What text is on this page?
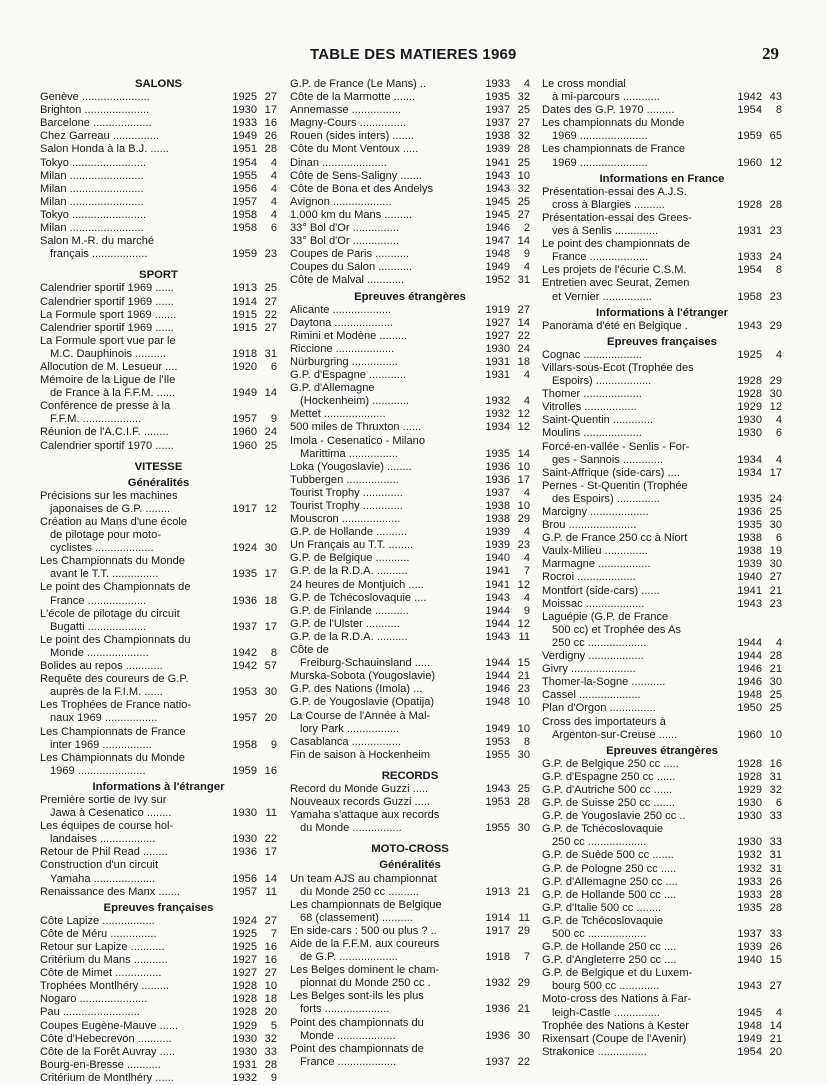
TABLE DES MATIERES 1969	29
SALONS
Genève ......................	1925 27
Brighton .....................	1930 17
Barcelone ...................	1933 16
Chez Garreau ...............	1949 26
Salon Honda à la B.J. ......	1951 28
Tokyo ........................	1954	4
Milan ........................	1955	4
Milan ........................	1956	4
Milan ........................	1957	4
Tokyo ........................	1958	4
Milan ........................	1958	6
Salon M.-R. du marché
français ..................	1959 23
SPORT
Calendrier sportif 1969 ......	1913 25
Calendrier sportif 1969 ......	1914 27
La Formule sport 1969 .......	1915 22
Calendrier sportif 1969 ......	1915 27
La Formule sport vue par le
M.C. Dauphinois ..........	1918 31
Allocution de M. Lesueur ....	1920	6
Mémoire de la Ligue de l'Ile
de France à la F.F.M. ......	1949 14
Conférence de presse à la
F.F.M. ...................	1957	9
Réunion de l'A.C.I.F. ........	1960 24
Calendrier sportif 1970 ......	1960 25
VITESSE
Généralités
Précisions sur les machines
japonaises de G.P. ........	1917 12
Création au Mans d'une école
de pilotage pour moto-
cyclistes ...................	1924 30
Les Championnats du Monde
avant le T.T. ...............	1935 17
Le point des Championnats de
France ...................	1936 18
L'école de pilotage du circuit
Bugatti ...................	1937 17
Le point des Championnats du
Monde ....................	1942	8
Bolides au repos ............	1942 57
Requête des coureurs de G.P.
auprès de la F.I.M. ......	1953 30
Les Trophées de France natio-
naux 1969 .................	1957 20
Les Championnats de France
inter 1969 ................	1958	9
Les Championnats du Monde
1969 ......................	1959 16
Informations à l'étranger
Première sortie de Ivy sur
Jawa à Cesenatico ........	1930 11
Les équipes de course hol-
landaises ..................	1930 22
Retour de Phil Read ........	1936 17
Construction d'un circuit
Yamaha ....................	1956 14
Renaissance des Manx .......	1957 11
Epreuves françaises
Côte Lapize .................	1924 27
Côte de Méru ...............	1925	7
Retour sur Lapize ...........	1925 16
Critérium du Mans ...........	1927 16
Côte de Mimet ...............	1927 27
Trophées Montlhéry .........	1928 10
Nogaro ......................	1928 18
Pau .........................	1928 20
Coupes Eugène-Mauve ......	1929	5
Côte d'Hebecrevon ...........	1930 32
Côte de la Forêt Auvray .....	1930 33
Bourg-en-Bresse ...........	1931 28
Critérium de Montlhéry ......	1932	9
G.P. de France (Le Mans) ..	1933	4
Côte de la Marmotte .......	1935 32
Annemasse ................	1937 25
Magny-Cours ...............	1937 27
Rouen (sides inters) .......	1938 32
Côte du Mont Ventoux .....	1939 28
Dinan .....................	1941 25
Côte de Sens-Saligny .......	1943 10
Côte de Bona et des Andelys	1943 32
Avignon ...................	1945 25
1.000 km du Mans .........	1945 27
33° Bol d'Or ...............	1946	2
33° Bol d'Or ...............	1947 14
Coupes de Paris ...........	1948	9
Coupes du Salon ...........	1949	4
Côte de Malval ............	1952 31
Epreuves étrangères
Alicante ...................	1919 27
Daytona ...................	1927 14
Rimini et Modène .........	1927 22
Riccione ...................	1930 24
Nürburgring ...............	1931 18
G.P. d'Espagne ............	1931	4
G.P. d'Allemagne
(Hockenheim) ............	1932	4
Mettet ....................	1932 12
500 miles de Thruxton ......	1934 12
Imola - Cesenatico - Milano
Marittima ................	1935 14
Loka (Yougoslavie) ........	1936 10
Tubbergen .................	1936 17
Tourist Trophy .............	1937	4
Tourist Trophy .............	1938 10
Mouscron ...................	1938 29
G.P. de Hollande ..........	1939	4
Un Français au T.T. ........	1939 23
G.P. de Belgique ...........	1940	4
G.P. de la R.D.A. ..........	1941	7
24 heures de Montjuich .....	1941 12
G.P. de Tchécoslovaquie ....	1943	4
G.P. de Finlande ...........	1944	9
G.P. de l'Ulster ...........	1944 12
G.P. de la R.D.A. ..........	1943 11
Côte de
Freiburg-Schauinsland .....	1944 15
Murska-Sobota (Yougoslavie)	1944 21
G.P. des Nations (Imola) ...	1946 23
G.P. de Yougoslavie (Opatija)	1948 10
La Course de l'Année à Mal-
lory Park .................	1949 10
Casablanca ................	1953	8
Fin de saison à Hockenheim	1955 30
RECORDS
Record du Monde Guzzi .....	1943 25
Nouveaux records Guzzi .....	1953 28
Yamaha s'attaque aux records
du Monde ................	1955 30
MOTO-CROSS
Généralités
Un team AJS au championnat
du Monde 250 cc ..........	1913 21
Les championnats de Belgique
68 (classement) ..........	1914 11
En side-cars : 500 ou plus ? ..	1917 29
Aide de la F.F.M. aux coureurs
de G.P. ...................	1918	7
Les Belges dominent le cham-
pionnat du Monde 250 cc .	1932 29
Les Belges sont-ils les plus
forts .....................	1936 21
Point des championnats du
Monde ...................	1936 30
Point des championnats de
France ...................	1937 22
Le cross mondial
à mi-parcours ............	1942 43
Dates des G.P. 1970 .........	1954	8
Les championnats du Monde
1969 ......................	1959 65
Les championnats de France
1969 ......................	1960 12
Informations en France
Présentation-essai des A.J.S.
cross à Blargies ..........	1928 28
Présentation-essai des Grees-
ves à Senlis ..............	1931 23
Le point des championnats de
France ...................	1933 24
Les projets de l'écurie C.S.M.	1954	8
Entretien avec Seurat, Zemen
et Vernier ................	1958 23
Informations à l'étranger
Panorama d'été en Belgique .	1943 29
Epreuves françaises
Cognac ...................	1925	4
Villars-sous-Ecot (Trophée des
Espoirs) ..................	1928 29
Thomer ...................	1928 30
Vitrolles .................	1929 12
Saint-Quentin .............	1930	4
Moulins ...................	1930	6
Forcé-en-vallée - Senlis - For-
ges - Sannois .............	1934	4
Saint-Affrique (side-cars) ....	1934 17
Pernes - St-Quentin (Trophée
des Espoirs) ..............	1935 24
Marcigny ...................	1936 25
Brou ......................	1935 30
G.P. de France 250 cc à Niort	1938	6
Vaulx-Milieu ..............	1938 19
Marmagne .................	1939 30
Rocroi ...................	1940 27
Montfort (side-cars) ......	1941 21
Moissac ...................	1943 23
Laguépie (G.P. de France
500 cc) et Trophée des As
250 cc ...................	1944	4
Verdigny ..................	1944 28
Givry .....................	1946 21
Thomer-la-Sogne ...........	1946 30
Cassel ....................	1948 25
Plan d'Orgon ...............	1950 25
Cross des importateurs à
Argenton-sur-Creuse ......	1960 10
Epreuves étrangères
G.P. de Belgique 250 cc .....	1928 16
G.P. d'Espagne 250 cc ......	1928 31
G.P. d'Autriche 500 cc ......	1929 32
G.P. de Suisse 250 cc .......	1930	6
G.P. de Yougoslavie 250 cc ..	1930 33
G.P. de Tchécoslovaquie
250 cc ...................	1930 33
G.P. de Suède 500 cc .......	1932 31
G.P. de Pologne 250 cc .....	1932 31
G.P. d'Allemagne 250 cc ....	1933 26
G.P. de Hollande 500 cc ....	1933 28
G.P. d'Italie 500 cc ........	1935 28
G.P. de Tchécoslovaquie
500 cc ...................	1937 33
G.P. de Hollande 250 cc ....	1939 26
G.P. d'Angleterre 250 cc ....	1940 15
G.P. de Belgique et du Luxem-
bourg 500 cc .............	1943 27
Moto-cross des Nations à Far-
leigh-Castle ...............	1945	4
Trophée des Nations à Kester	1948 14
Rixensart (Coupe de l'Avenir)	1949 21
Strakonice ................	1954 20
